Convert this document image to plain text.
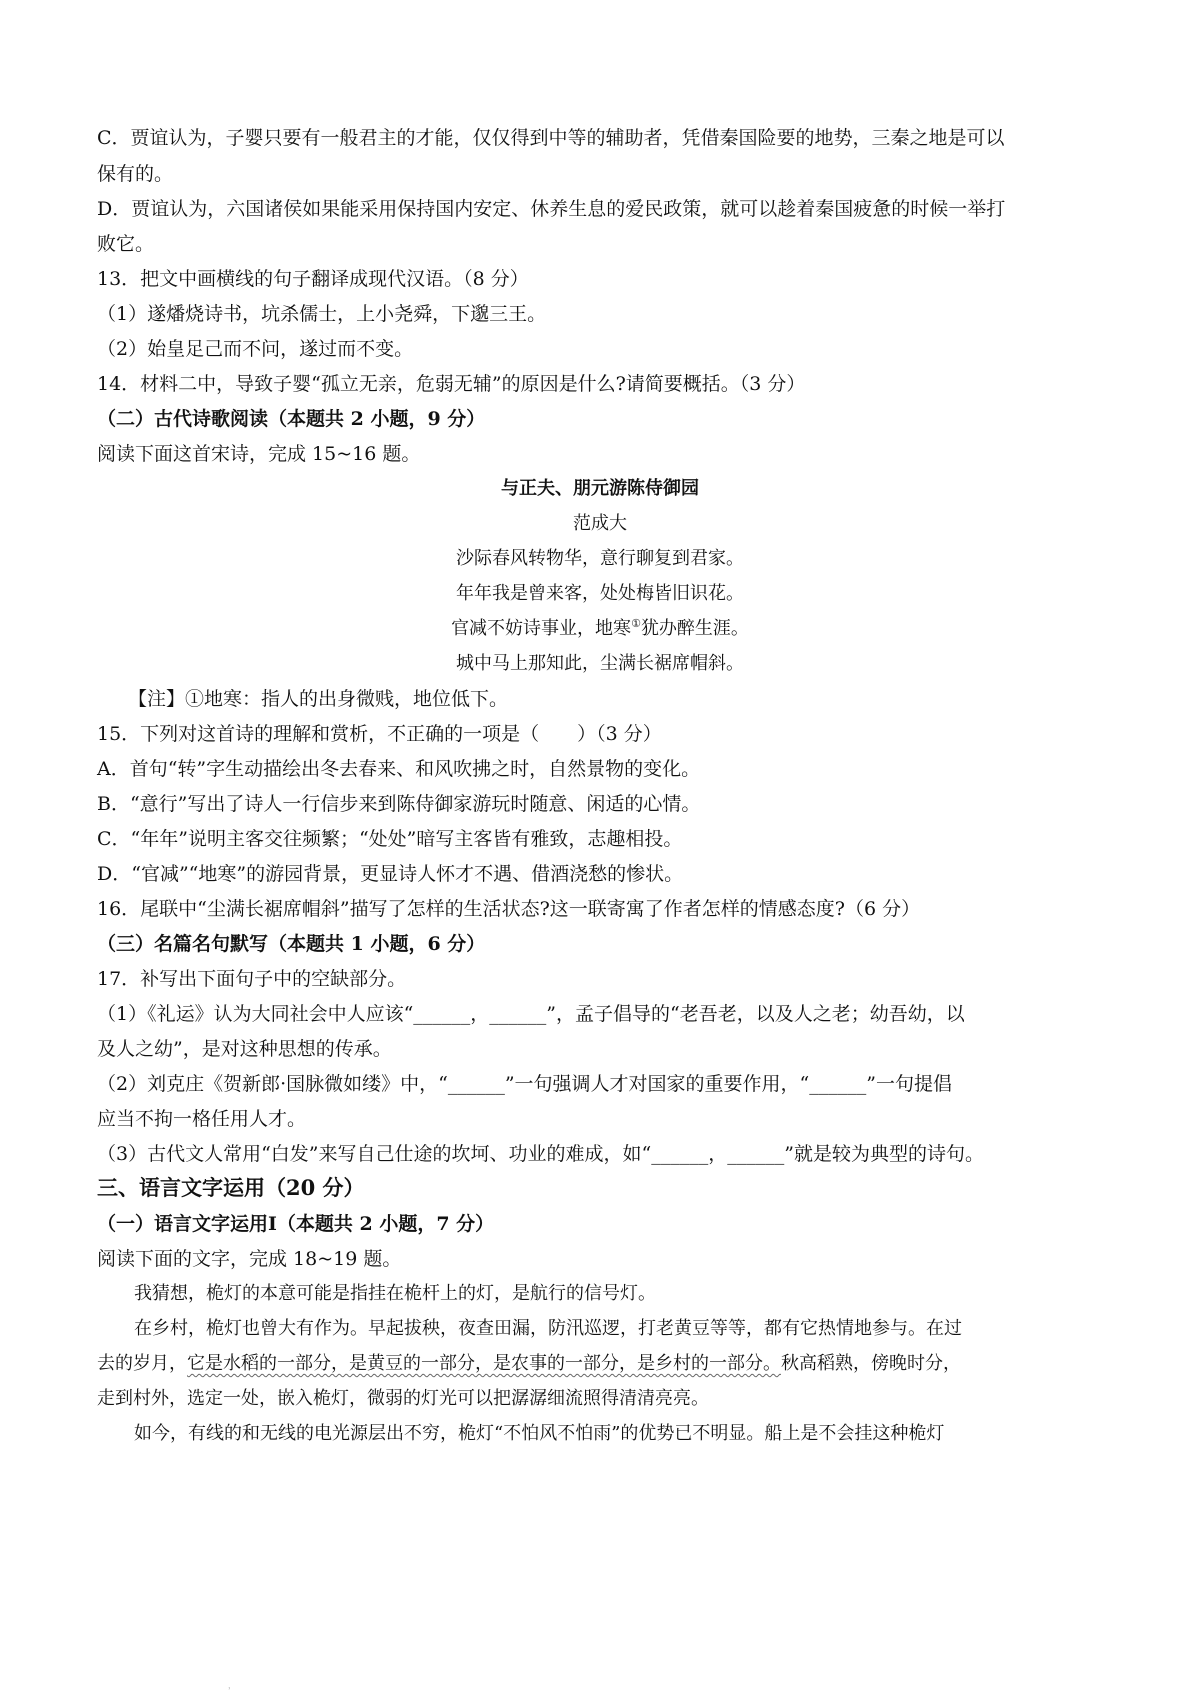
C．贾谊认为，子婴只要有一般君主的才能，仅仅得到中等的辅助者，凭借秦国险要的地势，三秦之地是可以
保有的。
D．贾谊认为，六国诸侯如果能采用保持国内安定、休养生息的爱民政策，就可以趁着秦国疲惫的时候一举打
败它。
13．把文中画横线的句子翻译成现代汉语。（8 分）
（1）遂燔烧诗书，坑杀儒士，上小尧舜，下邈三王。
（2）始皇足己而不问，遂过而不变。
14．材料二中，导致子婴“孤立无亲，危弱无辅”的原因是什么?请简要概括。（3 分）
（二）古代诗歌阅读（本题共 2 小题，9 分）
阅读下面这首宋诗，完成 15~16 题。
与正夫、朋元游陈侍御园
范成大
沙际春风转物华，意行聊复到君家。
年年我是曾来客，处处梅皆旧识花。
官减不妨诗事业，地寒①犹办醉生涯。
城中马上那知此，尘满长裾席帽斜。
【注】①地寒：指人的出身微贱，地位低下。
15．下列对这首诗的理解和赏析，不正确的一项是（　　）（3 分）
A．首句“转”字生动描绘出冬去春来、和风吹拂之时，自然景物的变化。
B．“意行”写出了诗人一行信步来到陈侍御家游玩时随意、闲适的心情。
C．“年年”说明主客交往频繁；“处处”暗写主客皆有雅致，志趣相投。
D．“官减”“地寒”的游园背景，更显诗人怀才不遇、借酒浇愁的惨状。
16．尾联中“尘满长裾席帽斜”描写了怎样的生活状态?这一联寄寓了作者怎样的情感态度?（6 分）
（三）名篇名句默写（本题共 1 小题，6 分）
17．补写出下面句子中的空缺部分。
（1）《礼运》认为大同社会中人应该“______，______”，孟子倡导的“老吾老，以及人之老；幼吾幼，以
及人之幼”，是对这种思想的传承。
（2）刘克庄《贺新郎·国脉微如缕》中，“______”一句强调人才对国家的重要作用，“______”一句提倡
应当不拘一格任用人才。
（3）古代文人常用“白发”来写自己仕途的坎坷、功业的难成，如“______，______”就是较为典型的诗句。
三、语言文字运用（20 分）
（一）语言文字运用Ⅰ（本题共 2 小题，7 分）
阅读下面的文字，完成 18~19 题。
我猜想，桅灯的本意可能是指挂在桅杆上的灯，是航行的信号灯。
在乡村，桅灯也曾大有作为。早起拔秧，夜查田漏，防汛巡逻，打老黄豆等等，都有它热情地参与。在过
去的岁月，它是水稻的一部分，是黄豆的一部分，是农事的一部分，是乡村的一部分。秋高稻熟，傍晚时分，
走到村外，选定一处，嵌入桅灯，微弱的灯光可以把潺潺细流照得清清亮亮。
如今，有线的和无线的电光源层出不穷，桅灯“不怕风不怕雨”的优势已不明显。船上是不会挂这种桅灯
，
